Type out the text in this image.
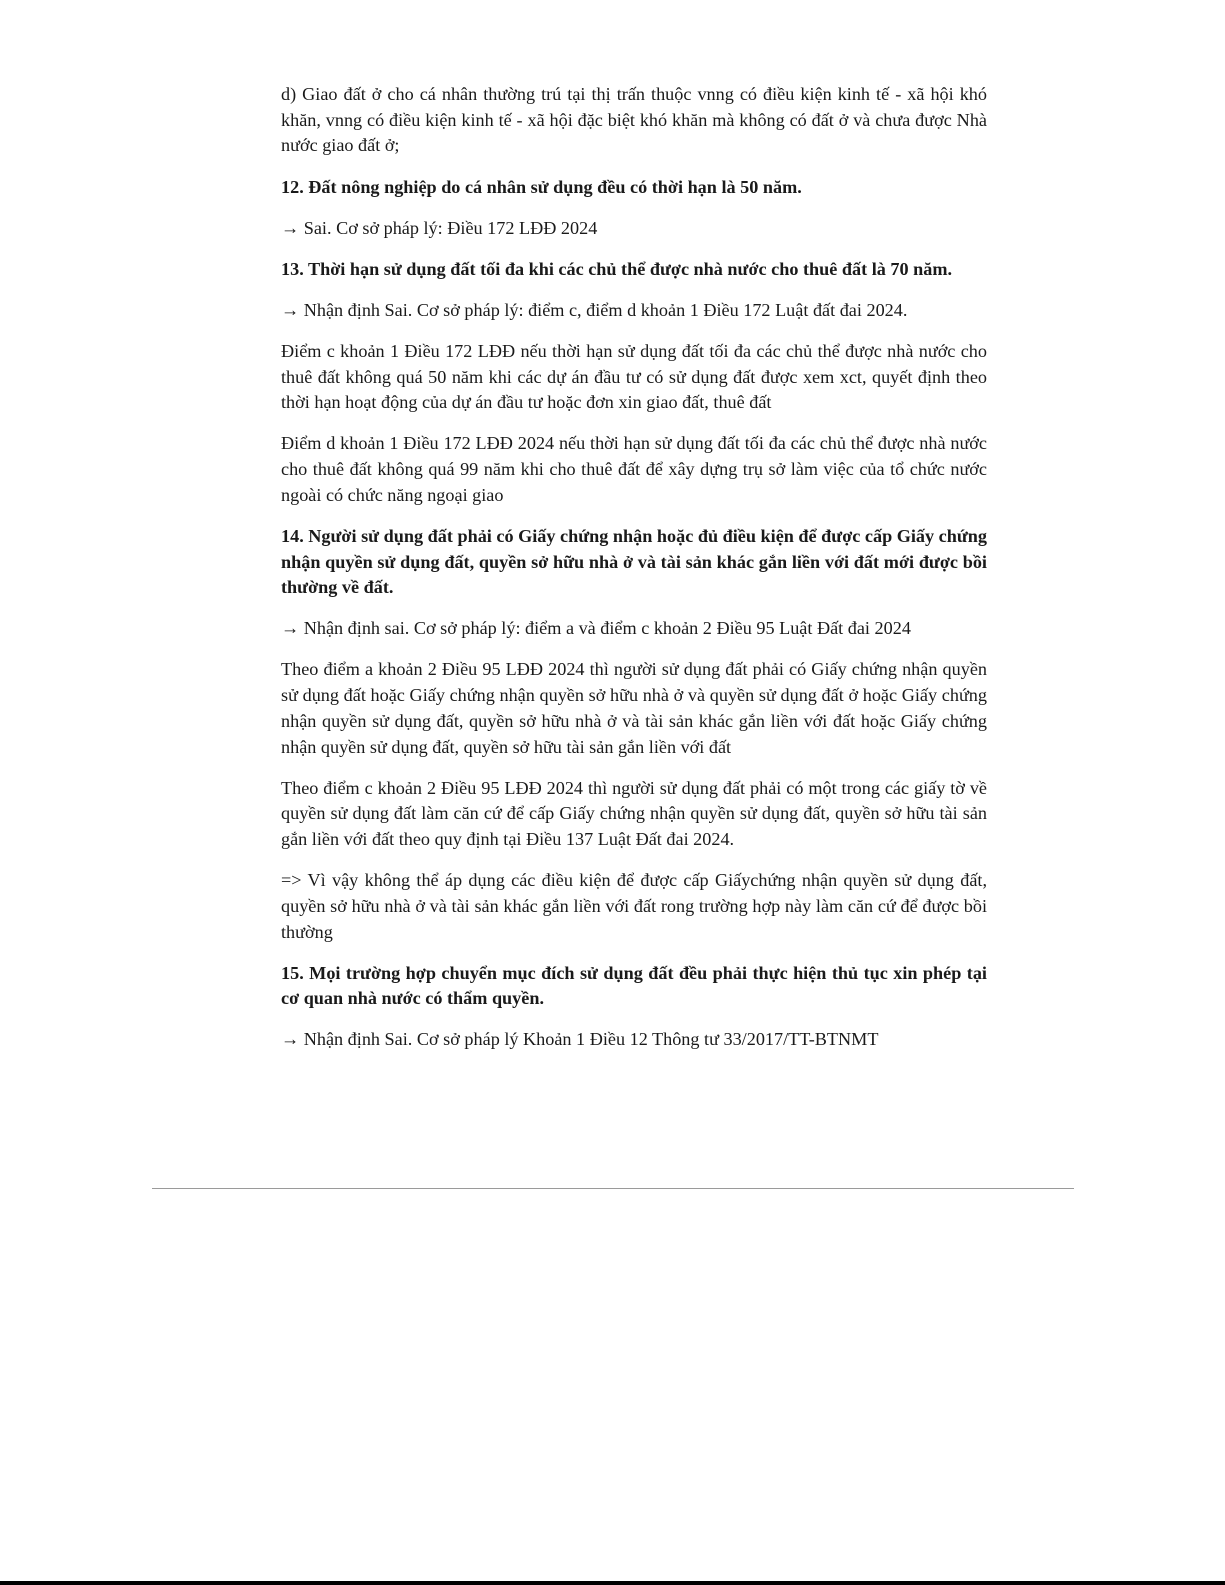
d) Giao đất ở cho cá nhân thường trú tại thị trấn thuộc vnng có điều kiện kinh tế - xã hội khó khăn, vnng có điều kiện kinh tế - xã hội đặc biệt khó khăn mà không có đất ở và chưa được Nhà nước giao đất ở;

12. Đất nông nghiệp do cá nhân sử dụng đều có thời hạn là 50 năm.

→ Sai. Cơ sở pháp lý: Điều 172 LĐĐ 2024

13. Thời hạn sử dụng đất tối đa khi các chủ thể được nhà nước cho thuê đất là 70 năm.

→ Nhận định Sai. Cơ sở pháp lý: điểm c, điểm d khoản 1 Điều 172 Luật đất đai 2024.

Điểm c khoản 1 Điều 172 LĐĐ nếu thời hạn sử dụng đất tối đa các chủ thể được nhà nước cho thuê đất không quá 50 năm khi các dự án đầu tư có sử dụng đất được xem xct, quyết định theo thời hạn hoạt động của dự án đầu tư hoặc đơn xin giao đất, thuê đất

Điểm d khoản 1 Điều 172 LĐĐ 2024 nếu thời hạn sử dụng đất tối đa các chủ thể được nhà nước cho thuê đất không quá 99 năm khi cho thuê đất để xây dựng trụ sở làm việc của tổ chức nước ngoài có chức năng ngoại giao

14. Người sử dụng đất phải có Giấy chứng nhận hoặc đủ điều kiện để được cấp Giấy chứng nhận quyền sử dụng đất, quyền sở hữu nhà ở và tài sản khác gắn liền với đất mới được bồi thường về đất.

→ Nhận định sai. Cơ sở pháp lý: điểm a và điểm c khoản 2 Điều 95 Luật Đất đai 2024

Theo điểm a khoản 2 Điều 95 LĐĐ 2024 thì người sử dụng đất phải có Giấy chứng nhận quyền sử dụng đất hoặc Giấy chứng nhận quyền sở hữu nhà ở và quyền sử dụng đất ở hoặc Giấy chứng nhận quyền sử dụng đất, quyền sở hữu nhà ở và tài sản khác gắn liền với đất hoặc Giấy chứng nhận quyền sử dụng đất, quyền sở hữu tài sản gắn liền với đất

Theo điểm c khoản 2 Điều 95 LĐĐ 2024 thì người sử dụng đất phải có một trong các giấy tờ về quyền sử dụng đất làm căn cứ để cấp Giấy chứng nhận quyền sử dụng đất, quyền sở hữu tài sản gắn liền với đất theo quy định tại Điều 137 Luật Đất đai 2024.

=> Vì vậy không thể áp dụng các điều kiện để được cấp Giấychứng nhận quyền sử dụng đất, quyền sở hữu nhà ở và tài sản khác gắn liền với đất rong trường hợp này làm căn cứ để được bồi thường

15. Mọi trường hợp chuyển mục đích sử dụng đất đều phải thực hiện thủ tục xin phép tại cơ quan nhà nước có thẩm quyền.

→ Nhận định Sai. Cơ sở pháp lý Khoản 1 Điều 12 Thông tư 33/2017/TT-BTNMT
